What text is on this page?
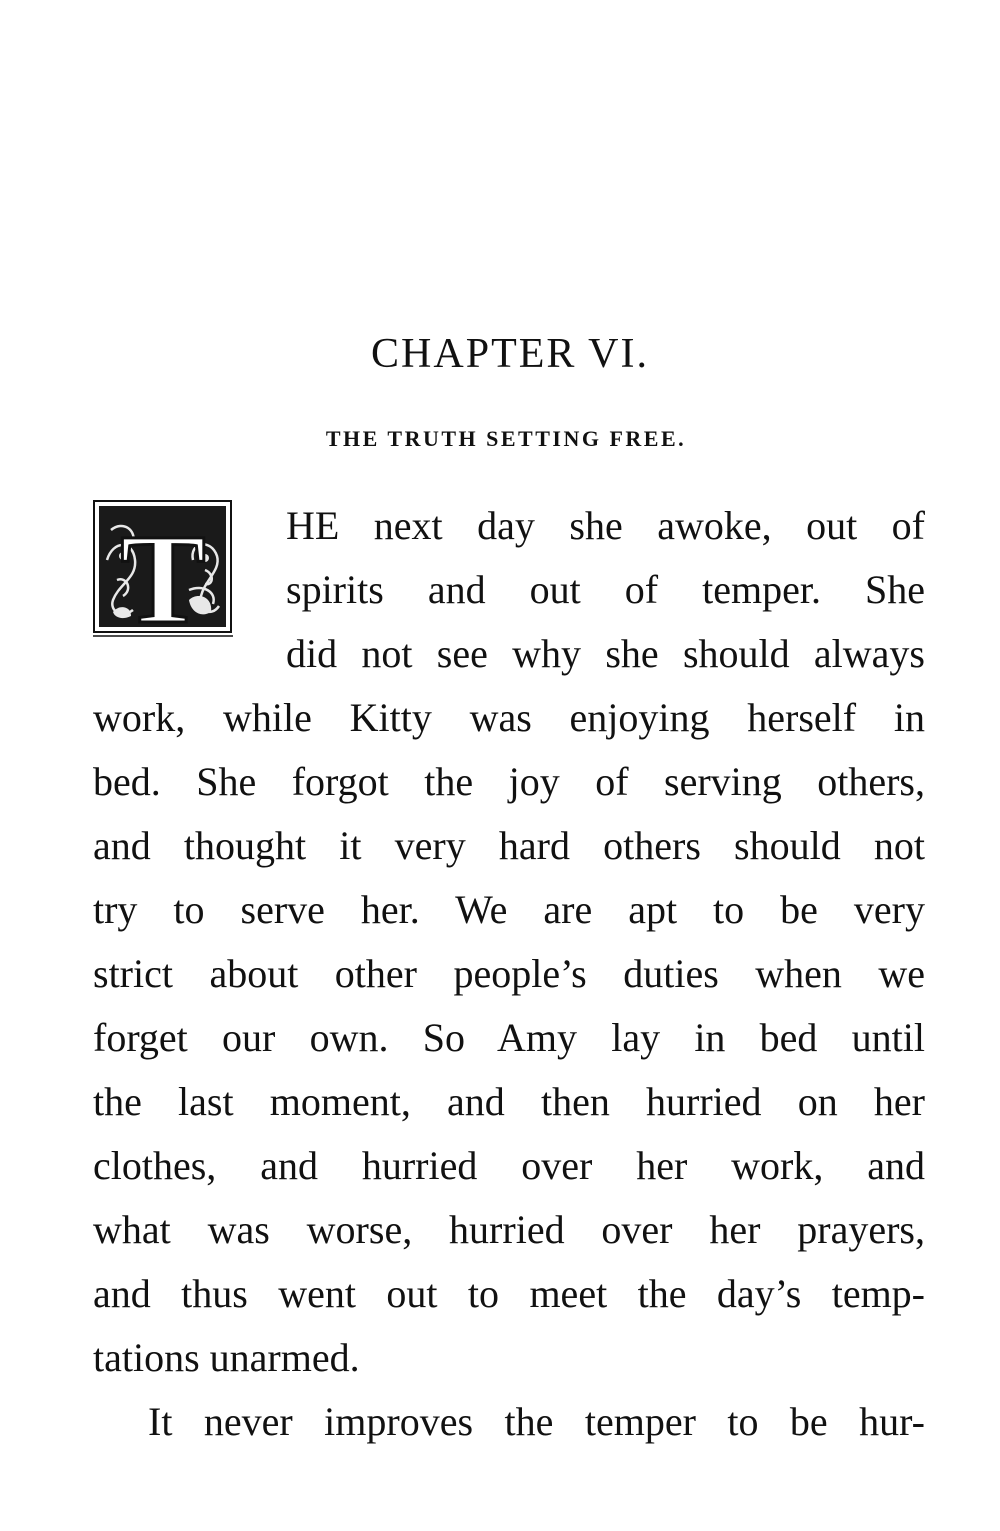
CHAPTER VI.
THE TRUTH SETTING FREE.
T HE next day she awoke, out of
spirits and out of temper. She
did not see why she should always
work, while Kitty was enjoying herself in
bed. She forgot the joy of serving others,
and thought it very hard others should not
try to serve her. We are apt to be very
strict about other people’s duties when we
forget our own. So Amy lay in bed until
the last moment, and then hurried on her
clothes, and hurried over her work, and
what was worse, hurried over her prayers,
and thus went out to meet the day’s temp-
tations unarmed.
It never improves the temper to be hur-
